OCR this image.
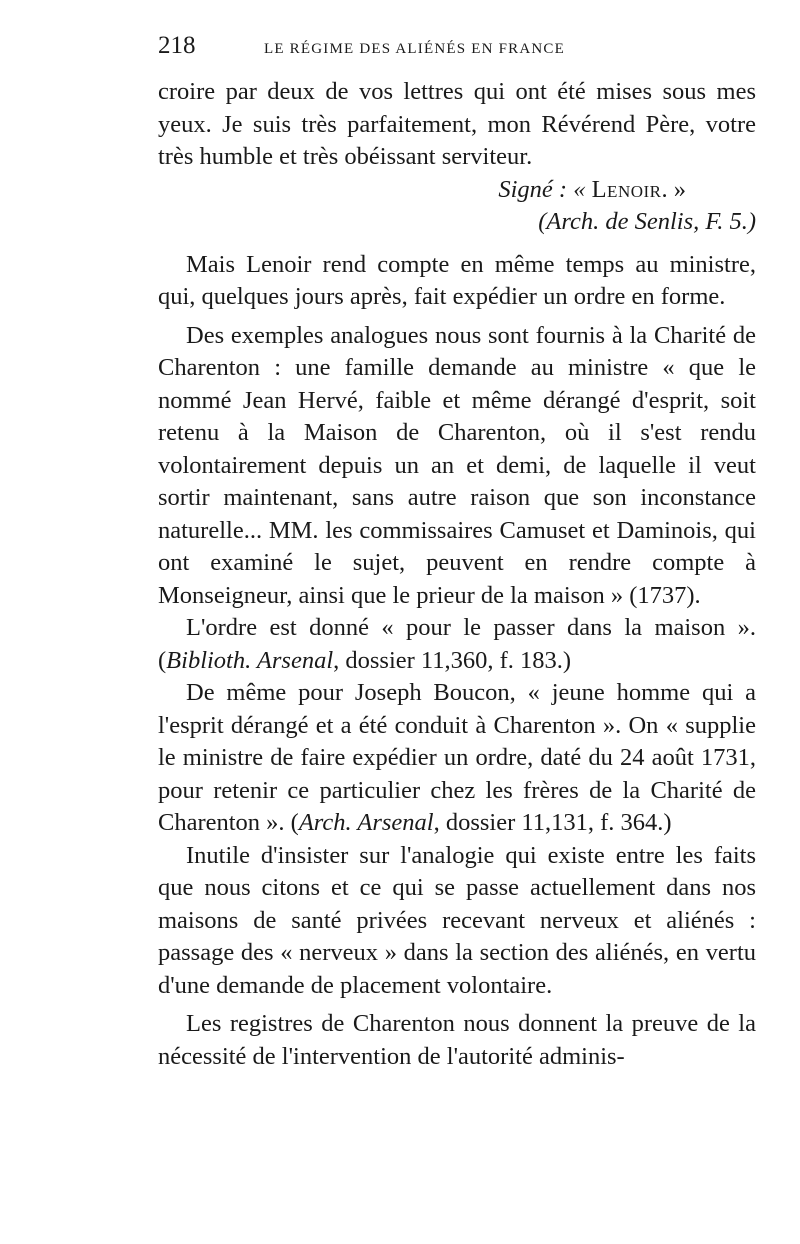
218	LE RÉGIME DES ALIÉNÉS EN FRANCE

croire par deux de vos lettres qui ont été mises sous mes yeux. Je suis très parfaitement, mon Révérend Père, votre très humble et très obéissant serviteur.

Signé : « Lenoir. »

(Arch. de Senlis, F. 5.)

Mais Lenoir rend compte en même temps au ministre, qui, quelques jours après, fait expédier un ordre en forme.

Des exemples analogues nous sont fournis à la Charité de Charenton : une famille demande au ministre « que le nommé Jean Hervé, faible et même dérangé d'esprit, soit retenu à la Maison de Charenton, où il s'est rendu volontairement depuis un an et demi, de laquelle il veut sortir maintenant, sans autre raison que son inconstance naturelle... MM. les commissaires Camuset et Daminois, qui ont examiné le sujet, peuvent en rendre compte à Monseigneur, ainsi que le prieur de la maison » (1737).

L'ordre est donné « pour le passer dans la maison ». (Biblioth. Arsenal, dossier 11,360, f. 183.)

De même pour Joseph Boucon, « jeune homme qui a l'esprit dérangé et a été conduit à Charenton ». On « supplie le ministre de faire expédier un ordre, daté du 24 août 1731, pour retenir ce particulier chez les frères de la Charité de Charenton ». (Arch. Arsenal, dossier 11,131, f. 364.)

Inutile d'insister sur l'analogie qui existe entre les faits que nous citons et ce qui se passe actuellement dans nos maisons de santé privées recevant nerveux et aliénés : passage des « nerveux » dans la section des aliénés, en vertu d'une demande de placement volontaire.

Les registres de Charenton nous donnent la preuve de la nécessité de l'intervention de l'autorité adminis-
